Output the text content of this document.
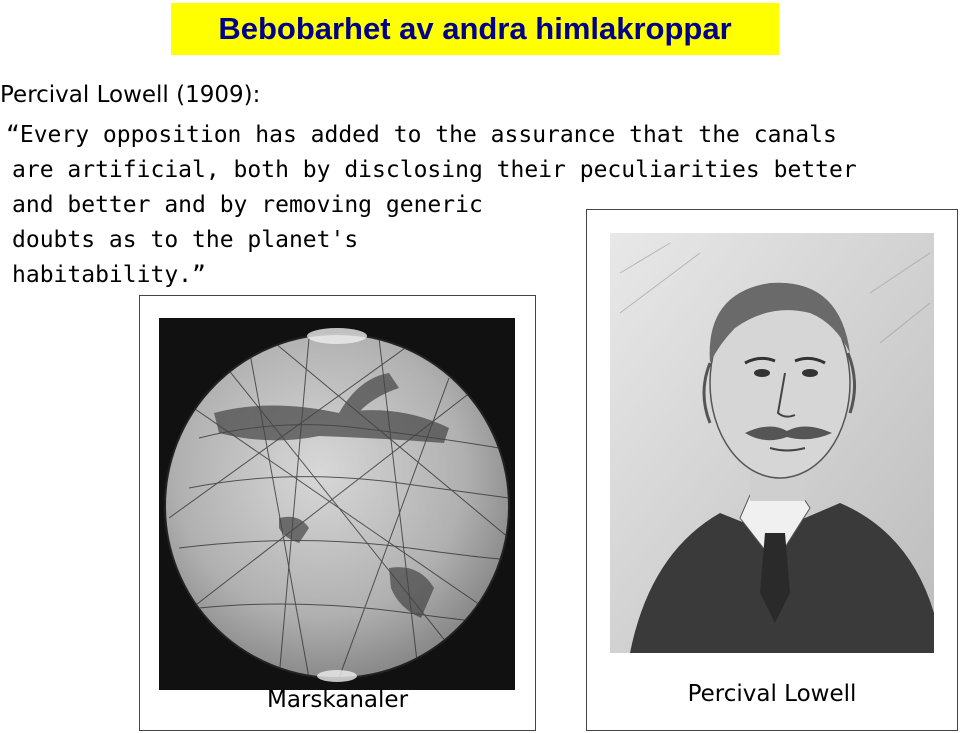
Bebobarhet av andra himlakroppar
Percival Lowell (1909):
“Every opposition has added to the assurance that the canals
are artificial, both by disclosing their peculiarities better
and better and by removing generic
doubts as to the planet's
habitability.”
Marskanaler	Percival Lowell
